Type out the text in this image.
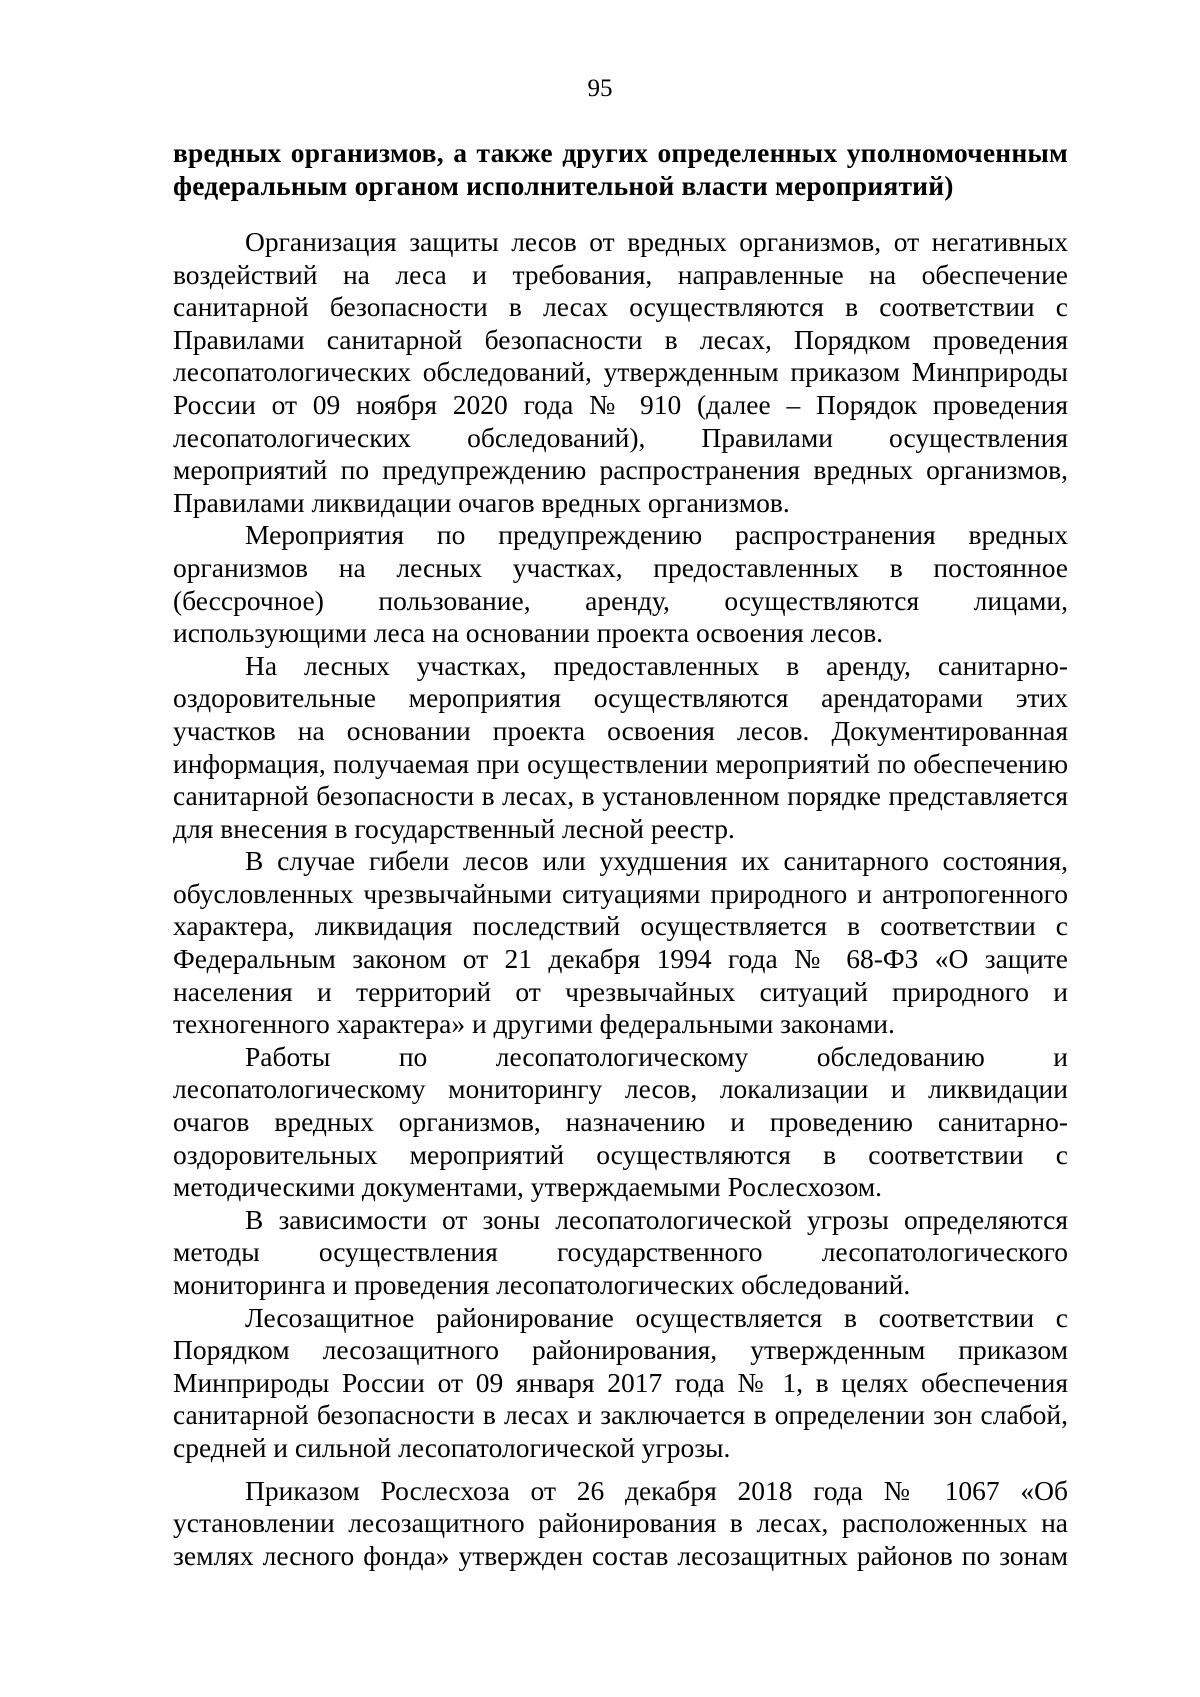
95
вредных организмов, а также других определенных уполномоченным федеральным органом исполнительной власти мероприятий)

Организация защиты лесов от вредных организмов, от негативных воздействий на леса и требования, направленные на обеспечение санитарной безопасности в лесах осуществляются в соответствии с Правилами санитарной безопасности в лесах, Порядком проведения лесопатологических обследований, утвержденным приказом Минприроды России от 09 ноября 2020 года № 910 (далее – Порядок проведения лесопатологических обследований), Правилами осуществления мероприятий по предупреждению распространения вредных организмов, Правилами ликвидации очагов вредных организмов.

Мероприятия по предупреждению распространения вредных организмов на лесных участках, предоставленных в постоянное (бессрочное) пользование, аренду, осуществляются лицами, использующими леса на основании проекта освоения лесов.

На лесных участках, предоставленных в аренду, санитарно-оздоровительные мероприятия осуществляются арендаторами этих участков на основании проекта освоения лесов. Документированная информация, получаемая при осуществлении мероприятий по обеспечению санитарной безопасности в лесах, в установленном порядке представляется для внесения в государственный лесной реестр.

В случае гибели лесов или ухудшения их санитарного состояния, обусловленных чрезвычайными ситуациями природного и антропогенного характера, ликвидация последствий осуществляется в соответствии с Федеральным законом от 21 декабря 1994 года № 68-ФЗ «О защите населения и территорий от чрезвычайных ситуаций природного и техногенного характера» и другими федеральными законами.

Работы по лесопатологическому обследованию и лесопатологическому мониторингу лесов, локализации и ликвидации очагов вредных организмов, назначению и проведению санитарно-оздоровительных мероприятий осуществляются в соответствии с методическими документами, утверждаемыми Рослесхозом.

В зависимости от зоны лесопатологической угрозы определяются методы осуществления государственного лесопатологического мониторинга и проведения лесопатологических обследований.

Лесозащитное районирование осуществляется в соответствии с Порядком лесозащитного районирования, утвержденным приказом Минприроды России от 09 января 2017 года № 1, в целях обеспечения санитарной безопасности в лесах и заключается в определении зон слабой, средней и сильной лесопатологической угрозы.

Приказом Рослесхоза от 26 декабря 2018 года № 1067 «Об установлении лесозащитного районирования в лесах, расположенных на землях лесного фонда» утвержден состав лесозащитных районов по зонам
